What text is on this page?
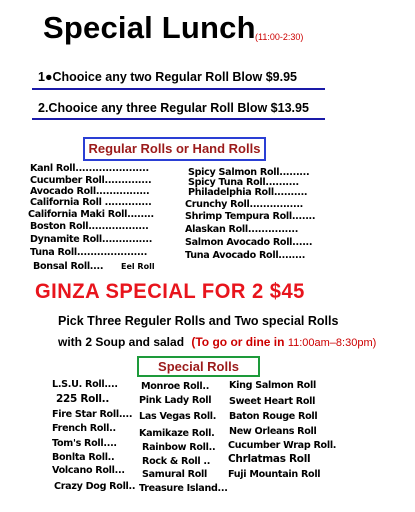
Special Lunch (11:00-2:30)
1●Chooice any two Regular Roll Blow $9.95
2.Chooice any three Regular Roll Blow $13.95
Regular Rolls or Hand Rolls
Kanl Roll......................
Cucumber Roll..............
Avocado Roll................
California Roll ..............
California Maki Roll........
Boston Roll..................
Dynamite Roll...............
Tuna Roll.....................
Bonsal Roll.... Eel Roll
Spicy Salmon Roll.........
Spicy Tuna Roll..........
Philadelphia Roll..........
Crunchy Roll................
Shrimp Tempura Roll.......
Alaskan Roll...............
Salmon Avocado Roll......
Tuna Avocado Roll........
GINZA SPECIAL FOR 2 $45
Pick Three Reguler Rolls and Two special Rolls
with 2 Soup and salad (To go or dine in 11:00am–8:30pm)
Special Rolls
L.S.U. Roll....
225 Roll..
Fire Star Roll....
French Roll..
Tom's Roll....
Bonlta Roll..
Volcano Roll...
Crazy Dog Roll..
Monroe Roll..
Pink Lady Roll
Las Vegas Roll.
Kamikaze Roll.
Rainbow Roll..
Rock & Roll ..
Samural Roll
Treasure Island...
King Salmon Roll
Sweet Heart Roll
Baton Rouge Roll
New Orleans Roll
Cucumber Wrap Roll.
Chrlatmas Roll
Fuji Mountain Roll
